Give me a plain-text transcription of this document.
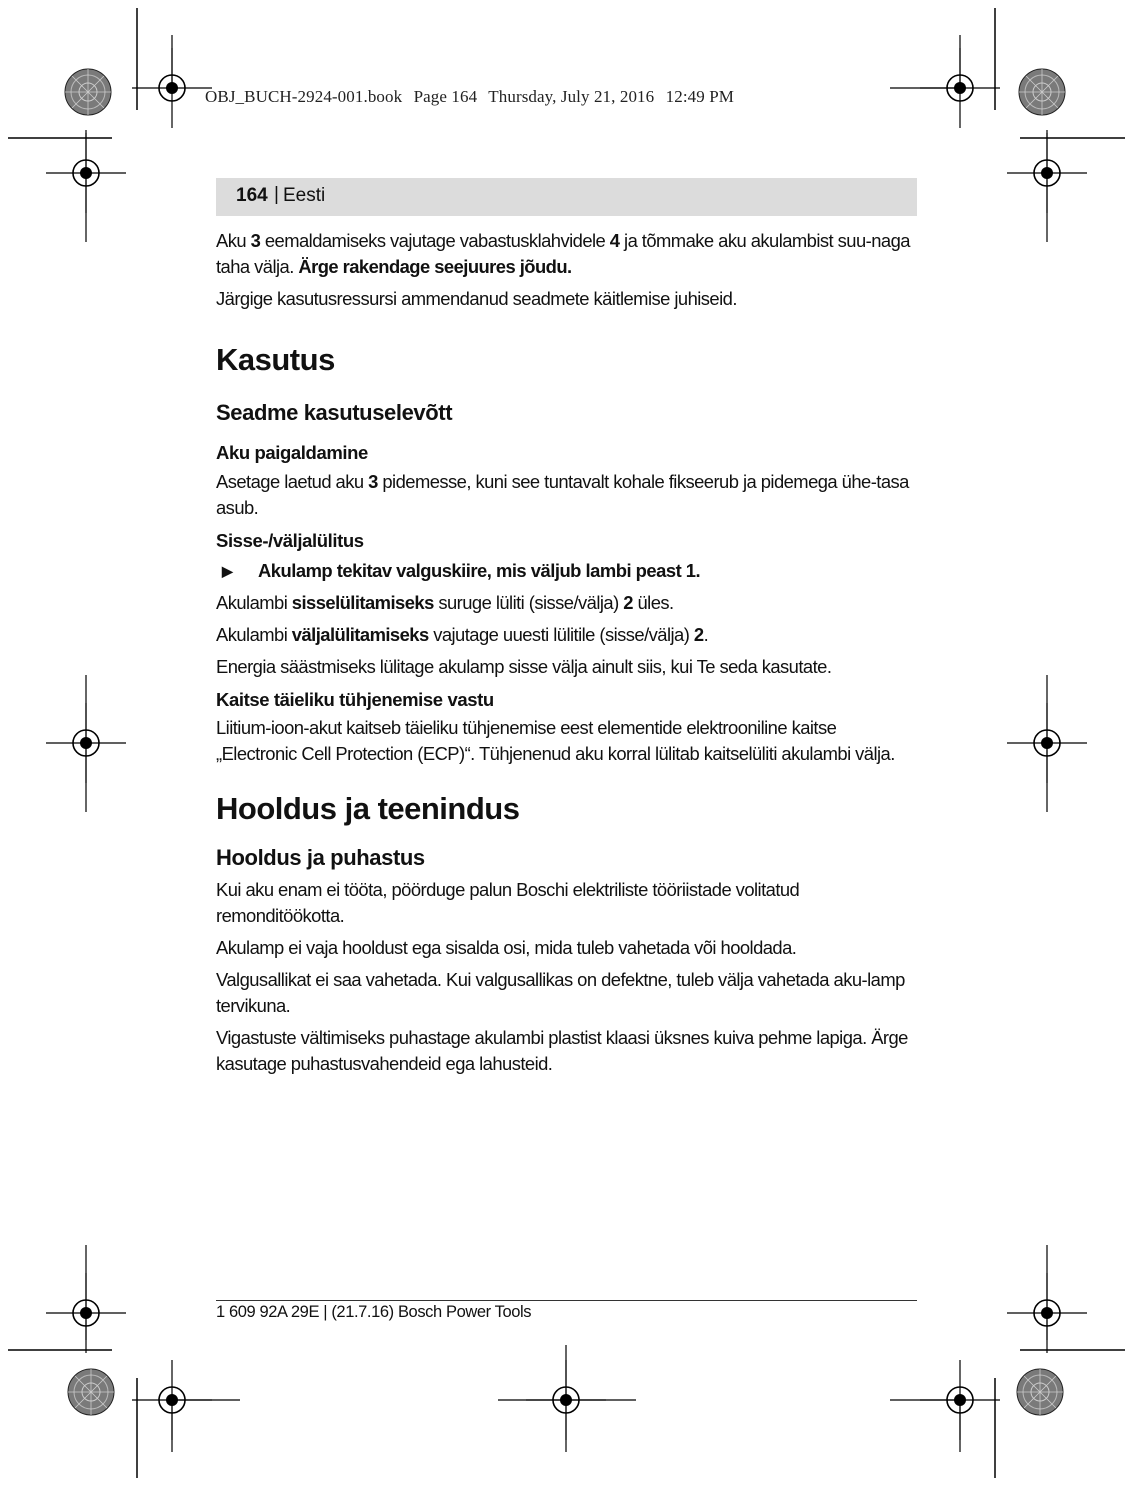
OBJ_BUCH-2924-001.book Page 164 Thursday, July 21, 2016 12:49 PM
164 | Eesti

Aku 3 eemaldamiseks vajutage vabastusklahvidele 4 ja tõmmake aku akulambist suu-naga taha välja. Ärge rakendage seejuures jõudu.

Järgige kasutusressursi ammendanud seadmete käitlemise juhiseid.

Kasutus
Seadme kasutuselevõtt
Aku paigaldamine

Asetage laetud aku 3 pidemesse, kuni see tuntavalt kohale fikseerub ja pidemega ühe-tasa asub.

Sisse-/väljalülitus
▶ Akulamp tekitav valguskiire, mis väljub lambi peast 1.

Akulambi sisselülitamiseks suruge lüliti (sisse/välja) 2 üles.

Akulambi väljalülitamiseks vajutage uuesti lülitile (sisse/välja) 2.

Energia säästmiseks lülitage akulamp sisse välja ainult siis, kui Te seda kasutate.

Kaitse täieliku tühjenemise vastu

Liitium-ioon-akut kaitseb täieliku tühjenemise eest elementide elektrooniline kaitse „Electronic Cell Protection (ECP)“. Tühjenenud aku korral lülitab kaitselüliti akulambi välja.

Hooldus ja teenindus
Hooldus ja puhastus

Kui aku enam ei tööta, pöörduge palun Boschi elektriliste tööriistade volitatud remonditöökotta.

Akulamp ei vaja hooldust ega sisalda osi, mida tuleb vahetada või hooldada.

Valgusallikat ei saa vahetada. Kui valgusallikas on defektne, tuleb välja vahetada aku-lamp tervikuna.

Vigastuste vältimiseks puhastage akulambi plastist klaasi üksnes kuiva pehme lapiga. Ärge kasutage puhastusvahendeid ega lahusteid.

1 609 92A 29E | (21.7.16) Bosch Power Tools
